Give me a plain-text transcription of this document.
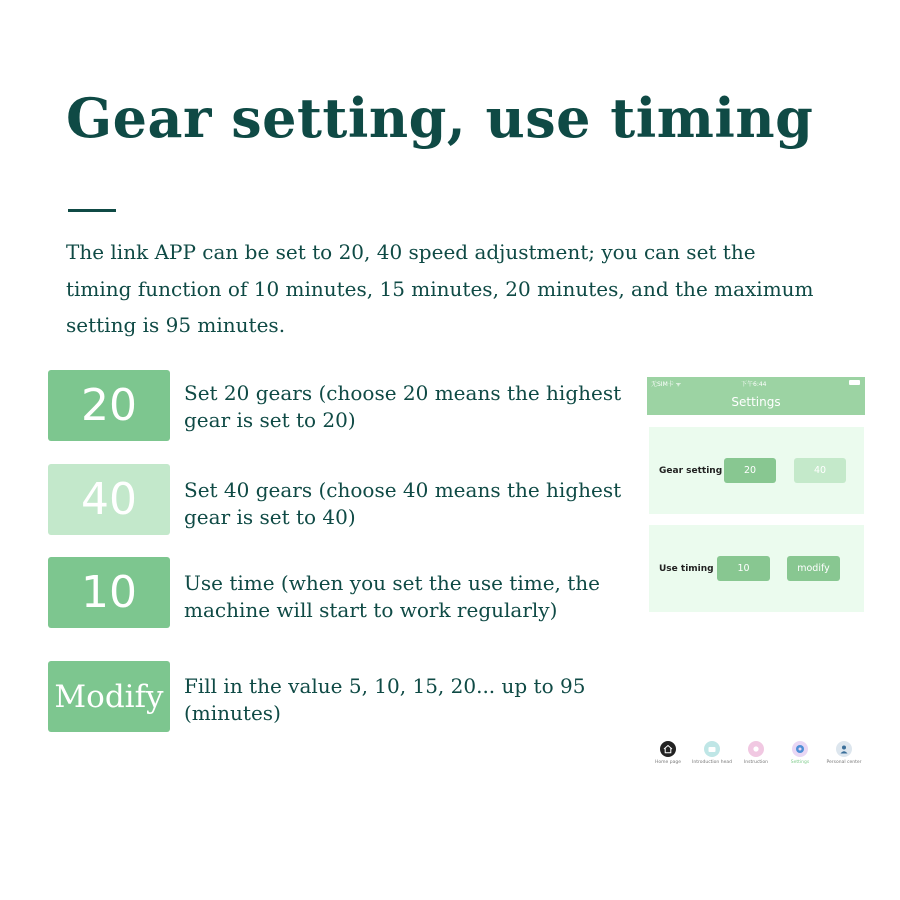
Gear setting, use timing
The link APP can be set to 20, 40 speed adjustment; you can set the timing function of 10 minutes, 15 minutes, 20 minutes, and the maximum setting is 95 minutes.
20	Set 20 gears (choose 20 means the highest gear is set to 20)
40	Set 40 gears (choose 40 means the highest gear is set to 40)
10	Use time (when you set the use time, the machine will start to work regularly)
Modify	Fill in the value 5, 10, 15, 20... up to 95 (minutes)
无SIM卡 ᯤ	下午6:44
Settings
Gear setting	20	40
Use timing	10	modify
Home page	Introduction head	Instruction	Settings	Personal center
